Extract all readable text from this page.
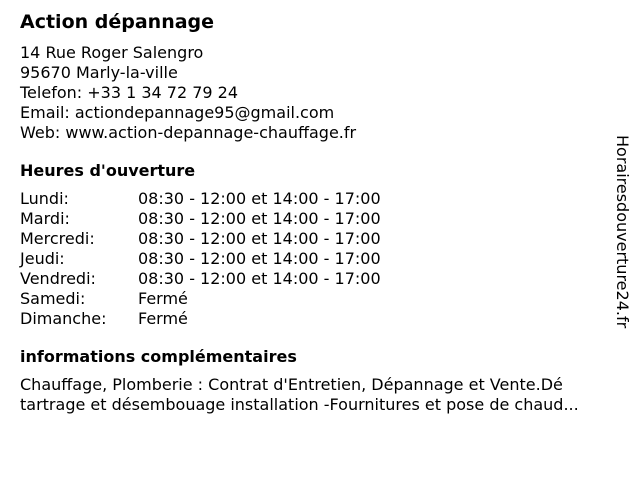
Action dépannage
14 Rue Roger Salengro
95670 Marly-la-ville
Telefon: +33 1 34 72 79 24
Email: actiondepannage95@gmail.com
Web: www.action-depannage-chauffage.fr
Heures d'ouverture
Lundi:	08:30 - 12:00 et 14:00 - 17:00
Mardi:	08:30 - 12:00 et 14:00 - 17:00
Mercredi:	08:30 - 12:00 et 14:00 - 17:00
Jeudi:	08:30 - 12:00 et 14:00 - 17:00
Vendredi:	08:30 - 12:00 et 14:00 - 17:00
Samedi:	Fermé
Dimanche:	Fermé
informations complémentaires
Chauffage, Plomberie : Contrat d'Entretien, Dépannage et Vente.Dé
tartrage et désembouage installation -Fournitures et pose de chaud...
Horairesdouverture24.fr
